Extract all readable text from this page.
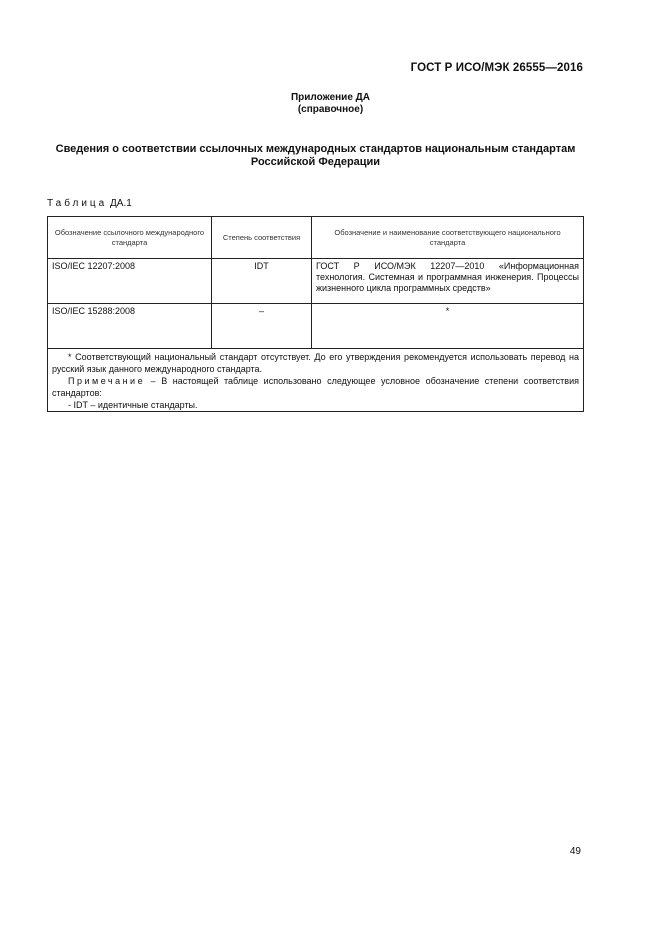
ГОСТ Р ИСО/МЭК 26555—2016
Приложение ДА
(справочное)
Сведения о соответствии ссылочных международных стандартов национальным стандартам
Российской Федерации
Таблица ДА.1
Обозначение ссылочного международного стандарта	Степень соответствия	Обозначение и наименование соответствующего национального стандарта
ISO/IEC 12207:2008	IDT	ГОСТ Р ИСО/МЭК 12207—2010 «Информационная технология. Системная и программная инженерия. Процессы жизненного цикла программных средств»
ISO/IEC 15288:2008	–	*

* Соответствующий национальный стандарт отсутствует. До его утверждения рекомендуется использовать перевод на русский язык данного международного стандарта.
Примечание – В настоящей таблице использовано следующее условное обозначение степени соответствия стандартов:
- IDT – идентичные стандарты.		
49
